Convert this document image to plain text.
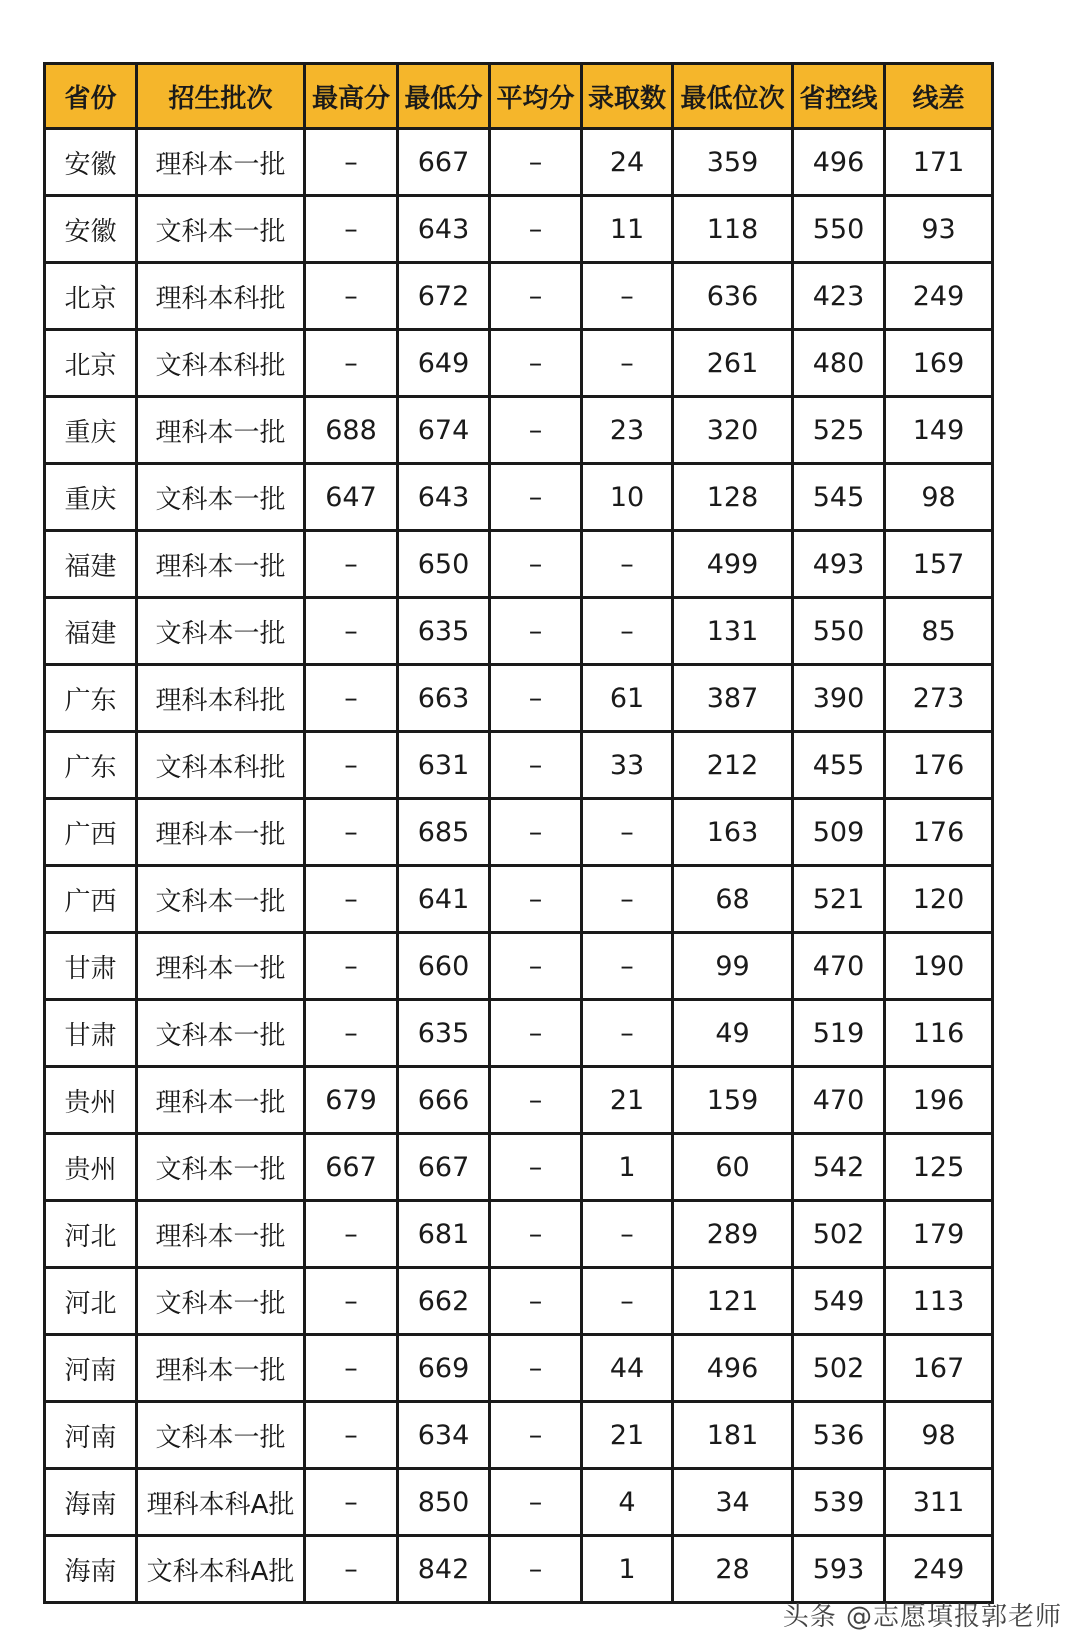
省份	招生批次	最高分	最低分	平均分	录取数	最低位次	省控线	线差
安徽	理科本一批	–	667	–	24	359	496	171
安徽	文科本一批	–	643	–	11	118	550	93
北京	理科本科批	–	672	–	–	636	423	249
北京	文科本科批	–	649	–	–	261	480	169
重庆	理科本一批	688	674	–	23	320	525	149
重庆	文科本一批	647	643	–	10	128	545	98
福建	理科本一批	–	650	–	–	499	493	157
福建	文科本一批	–	635	–	–	131	550	85
广东	理科本科批	–	663	–	61	387	390	273
广东	文科本科批	–	631	–	33	212	455	176
广西	理科本一批	–	685	–	–	163	509	176
广西	文科本一批	–	641	–	–	68	521	120
甘肃	理科本一批	–	660	–	–	99	470	190
甘肃	文科本一批	–	635	–	–	49	519	116
贵州	理科本一批	679	666	–	21	159	470	196
贵州	文科本一批	667	667	–	1	60	542	125
河北	理科本一批	–	681	–	–	289	502	179
河北	文科本一批	–	662	–	–	121	549	113
河南	理科本一批	–	669	–	44	496	502	167
河南	文科本一批	–	634	–	21	181	536	98
海南	理科本科A批	–	850	–	4	34	539	311
海南	文科本科A批	–	842	–	1	28	593	249
头条 @志愿填报郭老师
